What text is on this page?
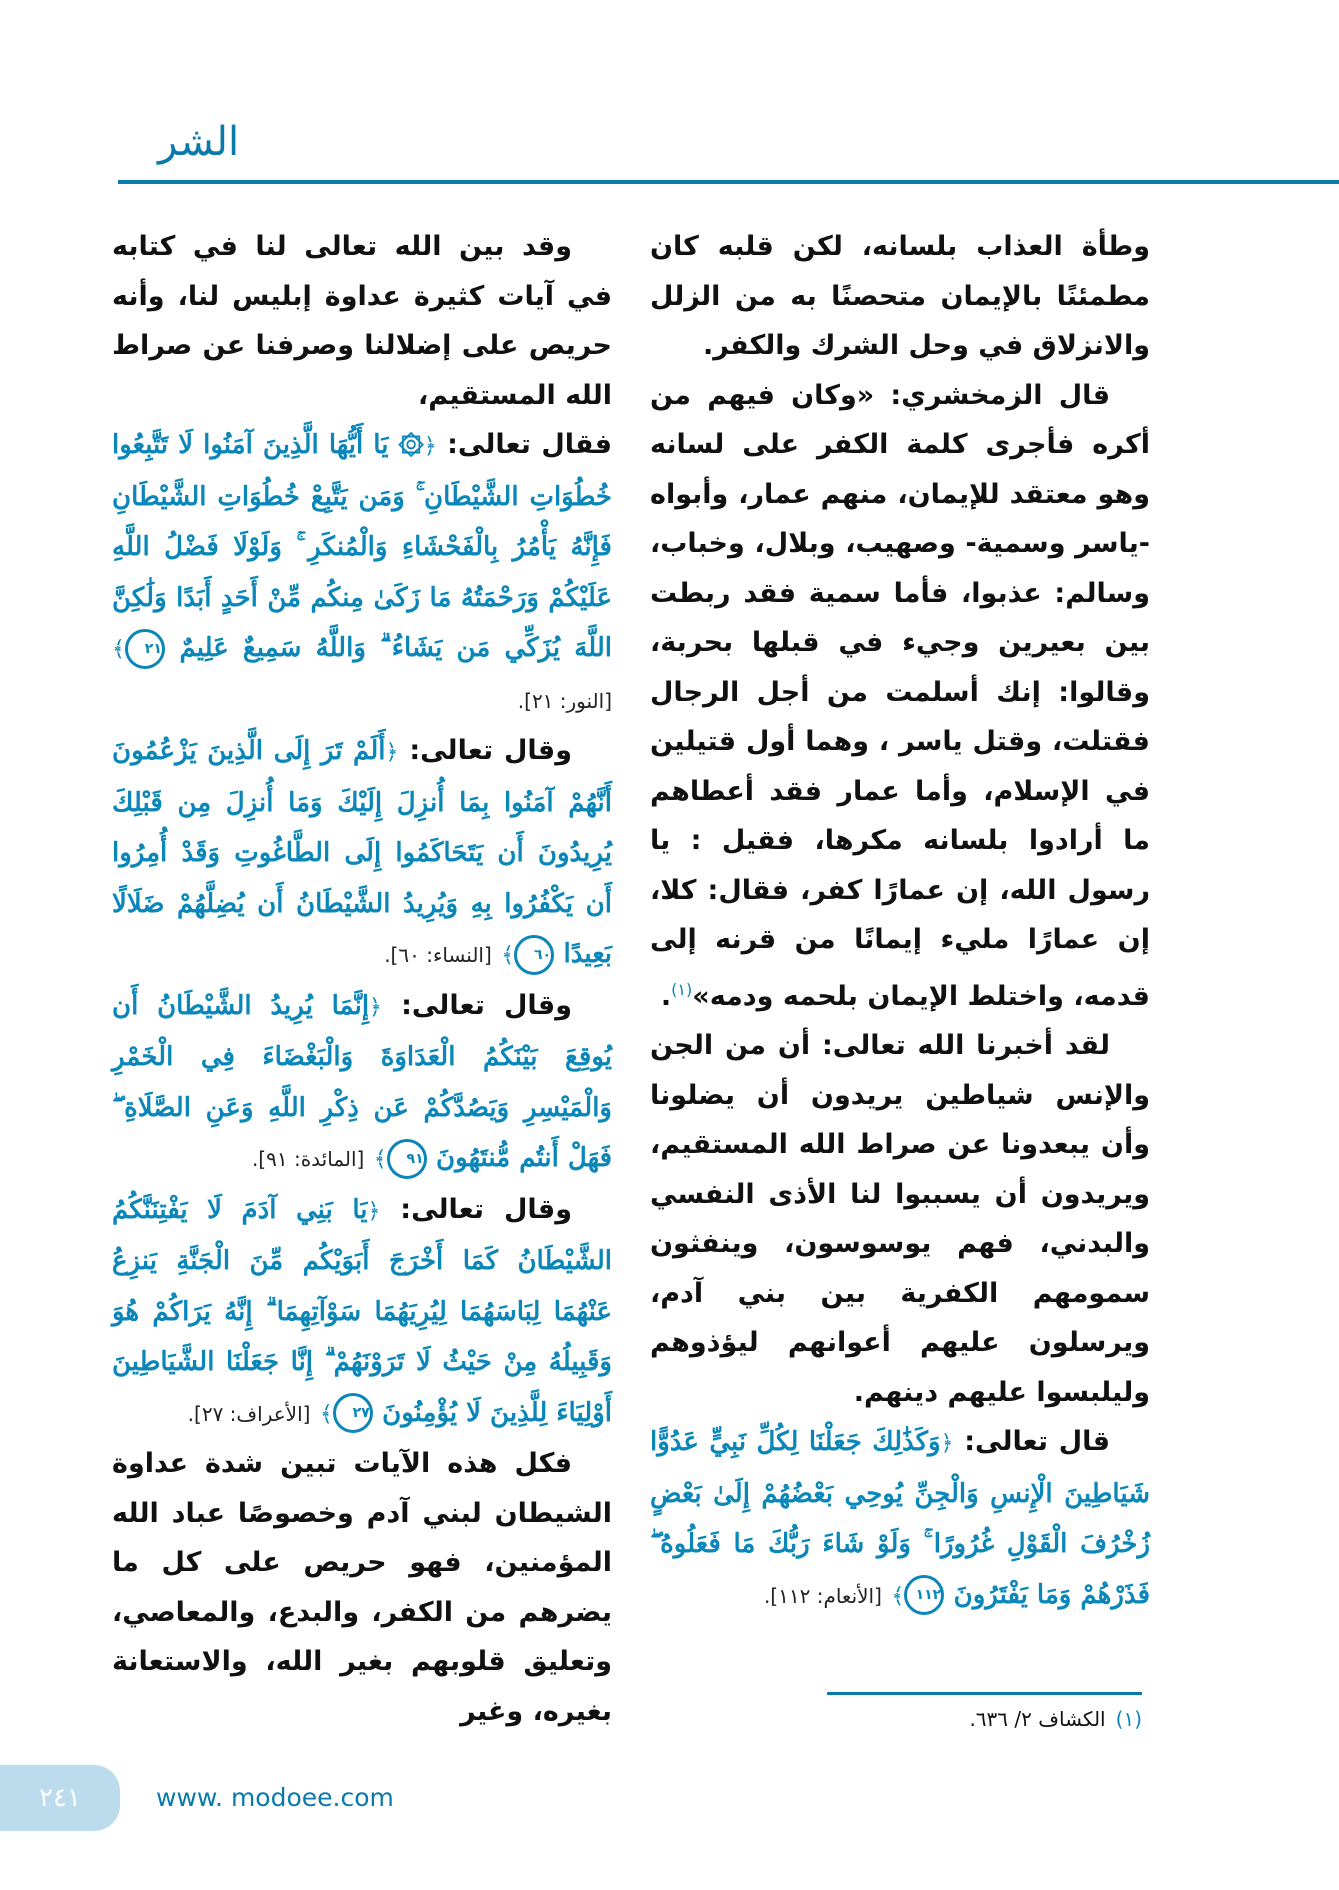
الشر

وطأة العذاب بلسانه، لكن قلبه كان مطمئنًا بالإيمان متحصنًا به من الزلل والانزلاق في وحل الشرك والكفر.

قال الزمخشري: «وكان فيهم من أكره فأجرى كلمة الكفر على لسانه وهو معتقد للإيمان، منهم عمار، وأبواه -ياسر وسمية- وصهيب، وبلال، وخباب، وسالم: عذبوا، فأما سمية فقد ربطت بين بعيرين وجيء في قبلها بحربة، وقالوا: إنك أسلمت من أجل الرجال فقتلت، وقتل ياسر ، وهما أول قتيلين في الإسلام، وأما عمار فقد أعطاهم ما أرادوا بلسانه مكرها، فقيل : يا رسول الله، إن عمارًا كفر، فقال: كلا، إن عمارًا مليء إيمانًا من قرنه إلى قدمه، واختلط الإيمان بلحمه ودمه»$^{(١)}$.

لقد أخبرنا الله تعالى: أن من الجن والإنس شياطين يريدون أن يضلونا وأن يبعدونا عن صراط الله المستقيم، ويريدون أن يسببوا لنا الأذى النفسي والبدني، فهم يوسوسون، وينفثون سمومهم الكفرية بين بني آدم، ويرسلون عليهم أعوانهم ليؤذوهم وليلبسوا عليهم دينهم.

قال تعالى: ﴿وَكَذَٰلِكَ جَعَلْنَا لِكُلِّ نَبِيٍّ عَدُوًّا شَيَاطِينَ الْإِنسِ وَالْجِنِّ يُوحِي بَعْضُهُمْ إِلَىٰ بَعْضٍ زُخْرُفَ الْقَوْلِ غُرُورًا ۚ وَلَوْ شَاءَ رَبُّكَ مَا فَعَلُوهُ ۖ فَذَرْهُمْ وَمَا يَفْتَرُونَ ١١٢﴾ [الأنعام: ١١٢].

وقد بين الله تعالى لنا في كتابه في آيات كثيرة عداوة إبليس لنا، وأنه حريص على إضلالنا وصرفنا عن صراط الله المستقيم،

فقال تعالى: ﴿۞ يَا أَيُّهَا الَّذِينَ آمَنُوا لَا تَتَّبِعُوا خُطُوَاتِ الشَّيْطَانِ ۚ وَمَن يَتَّبِعْ خُطُوَاتِ الشَّيْطَانِ فَإِنَّهُ يَأْمُرُ بِالْفَحْشَاءِ وَالْمُنكَرِ ۚ وَلَوْلَا فَضْلُ اللَّهِ عَلَيْكُمْ وَرَحْمَتُهُ مَا زَكَىٰ مِنكُم مِّنْ أَحَدٍ أَبَدًا وَلَٰكِنَّ اللَّهَ يُزَكِّي مَن يَشَاءُ ۗ وَاللَّهُ سَمِيعٌ عَلِيمٌ ٢١﴾ [النور: ٢١].

وقال تعالى: ﴿أَلَمْ تَرَ إِلَى الَّذِينَ يَزْعُمُونَ أَنَّهُمْ آمَنُوا بِمَا أُنزِلَ إِلَيْكَ وَمَا أُنزِلَ مِن قَبْلِكَ يُرِيدُونَ أَن يَتَحَاكَمُوا إِلَى الطَّاغُوتِ وَقَدْ أُمِرُوا أَن يَكْفُرُوا بِهِ وَيُرِيدُ الشَّيْطَانُ أَن يُضِلَّهُمْ ضَلَالًا بَعِيدًا ٦٠﴾ [النساء: ٦٠].

وقال تعالى: ﴿إِنَّمَا يُرِيدُ الشَّيْطَانُ أَن يُوقِعَ بَيْنَكُمُ الْعَدَاوَةَ وَالْبَغْضَاءَ فِي الْخَمْرِ وَالْمَيْسِرِ وَيَصُدَّكُمْ عَن ذِكْرِ اللَّهِ وَعَنِ الصَّلَاةِ ۖ فَهَلْ أَنتُم مُّنتَهُونَ ٩١﴾ [المائدة: ٩١].

وقال تعالى: ﴿يَا بَنِي آدَمَ لَا يَفْتِنَنَّكُمُ الشَّيْطَانُ كَمَا أَخْرَجَ أَبَوَيْكُم مِّنَ الْجَنَّةِ يَنزِعُ عَنْهُمَا لِبَاسَهُمَا لِيُرِيَهُمَا سَوْآتِهِمَا ۗ إِنَّهُ يَرَاكُمْ هُوَ وَقَبِيلُهُ مِنْ حَيْثُ لَا تَرَوْنَهُمْ ۗ إِنَّا جَعَلْنَا الشَّيَاطِينَ أَوْلِيَاءَ لِلَّذِينَ لَا يُؤْمِنُونَ ٢٧﴾ [الأعراف: ٢٧].

فكل هذه الآيات تبين شدة عداوة الشيطان لبني آدم وخصوصًا عباد الله المؤمنين، فهو حريص على كل ما يضرهم من الكفر، والبدع، والمعاصي، وتعليق قلوبهم بغير الله، والاستعانة بغيره، وغير	(١)الكشاف ٢/ ٦٣٦.
٢٤١	www. modoee.com
